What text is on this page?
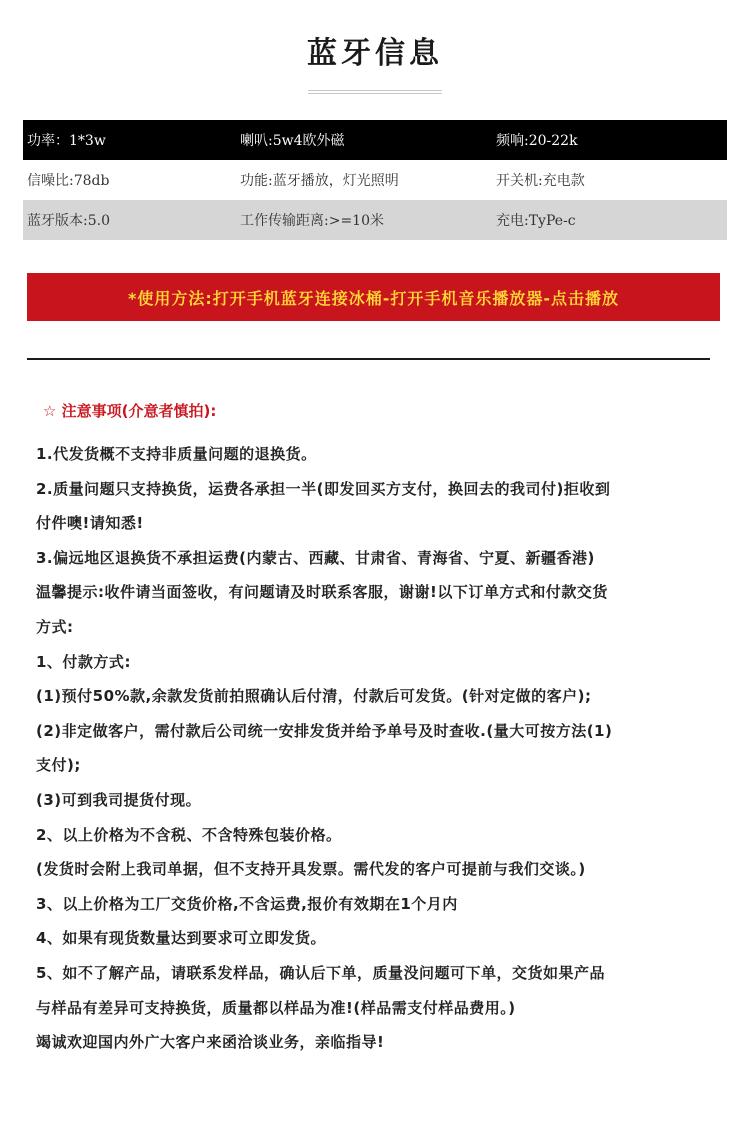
蓝牙信息
功率：1*3w	喇叭:5w4欧外磁	频响:20-22k
信噪比:78db	功能:蓝牙播放，灯光照明	开关机:充电款
蓝牙版本:5.0	工作传输距离:>=10米	充电:TyPe-c
*使用方法:打开手机蓝牙连接冰桶-打开手机音乐播放器-点击播放
☆ 注意事项(介意者慎拍):
1.代发货概不支持非质量问题的退换货。
2.质量问题只支持换货，运费各承担一半(即发回买方支付，换回去的我司付)拒收到
付件噢!请知悉!
3.偏远地区退换货不承担运费(内蒙古、西藏、甘肃省、青海省、宁夏、新疆香港)
温馨提示:收件请当面签收，有问题请及时联系客服，谢谢!以下订单方式和付款交货
方式:
1、付款方式:
(1)预付50%款,余款发货前拍照确认后付清，付款后可发货。(针对定做的客户);
(2)非定做客户，需付款后公司统一安排发货并给予单号及时查收.(量大可按方法(1)
支付);
(3)可到我司提货付现。
2、以上价格为不含税、不含特殊包装价格。
(发货时会附上我司单据，但不支持开具发票。需代发的客户可提前与我们交谈。)
3、以上价格为工厂交货价格,不含运费,报价有效期在1个月内
4、如果有现货数量达到要求可立即发货。
5、如不了解产品，请联系发样品，确认后下单，质量没问题可下单，交货如果产品
与样品有差异可支持换货，质量都以样品为准!(样品需支付样品费用。)
竭诚欢迎国内外广大客户来函洽谈业务，亲临指导!
